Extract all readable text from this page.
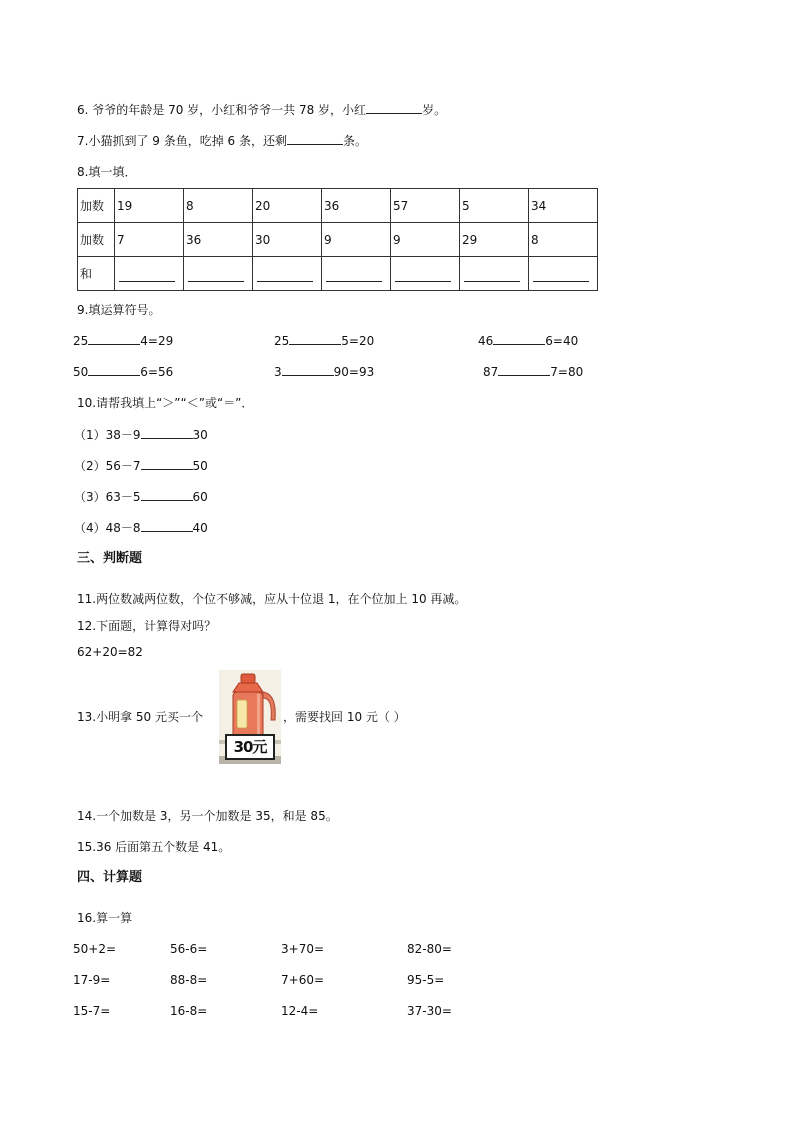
6. 爷爷的年龄是 70 岁，小红和爷爷一共 78 岁，小红	岁。
7.小猫抓到了 9 条鱼，吃掉 6 条，还剩	条。
8.填一填．
加数	19	8	20	36	57	5	34
加数	7	36	30	9	9	29	8
和	

9.填运算符号。
25	4=29	25	5=20	46	6=40
50	6=56	3	90=93	87	7=80
10.请帮我填上“＞”“＜”或“＝”．
（1）38－9	30
（2）56－7	50
（3）63－5	60
（4）48－8	40
三、判断题
11.两位数减两位数，个位不够减，应从十位退 1，在个位加上 10 再减。
12.下面题，计算得对吗？
62+20=82
13.小明拿 50 元买一个
30元
，需要找回 10 元（ ）
14.一个加数是 3，另一个加数是 35，和是 85。
15.36 后面第五个数是 41。
四、计算题
16.算一算
50+2=	56-6=	3+70=	82-80=
17-9=	88-8=	7+60=	95-5=
15-7=	16-8=	12-4=	37-30=
